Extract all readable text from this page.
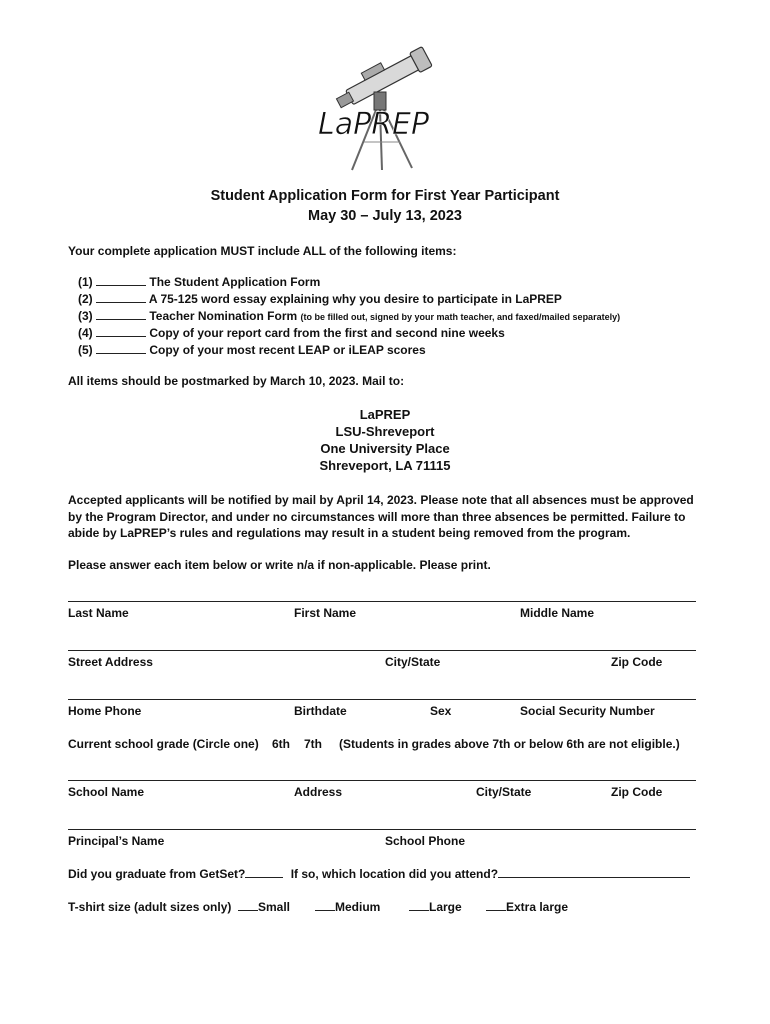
LaPREP
Student Application Form for First Year Participant
May 30 – July 13, 2023
Your complete application MUST include ALL of the following items:
(1)	The Student Application Form
(2)	A 75-125 word essay explaining why you desire to participate in LaPREP
(3)	Teacher Nomination Form (to be filled out, signed by your math teacher, and faxed/mailed separately)
(4)	Copy of your report card from the first and second nine weeks
(5)	Copy of your most recent LEAP or iLEAP scores
All items should be postmarked by March 10, 2023. Mail to:
LaPREP
LSU-Shreveport
One University Place
Shreveport, LA 71115
Accepted applicants will be notified by mail by April 14, 2023. Please note that all absences must be approved by the Program Director, and under no circumstances will more than three absences be permitted. Failure to abide by LaPREP’s rules and regulations may result in a student being removed from the program.
Please answer each item below or write n/a if non-applicable. Please print.
Last Name	First Name	Middle Name
Street Address	City/State	Zip Code
Home Phone	Birthdate	Sex	Social Security Number
Current school grade (Circle one) 6th 7th (Students in grades above 7th or below 6th are not eligible.)
School Name	Address	City/State	Zip Code
Principal’s Name	School Phone
Did you graduate from GetSet?	If so, which location did you attend?
T-shirt size (adult sizes only)	Small	Medium	Large	Extra large
